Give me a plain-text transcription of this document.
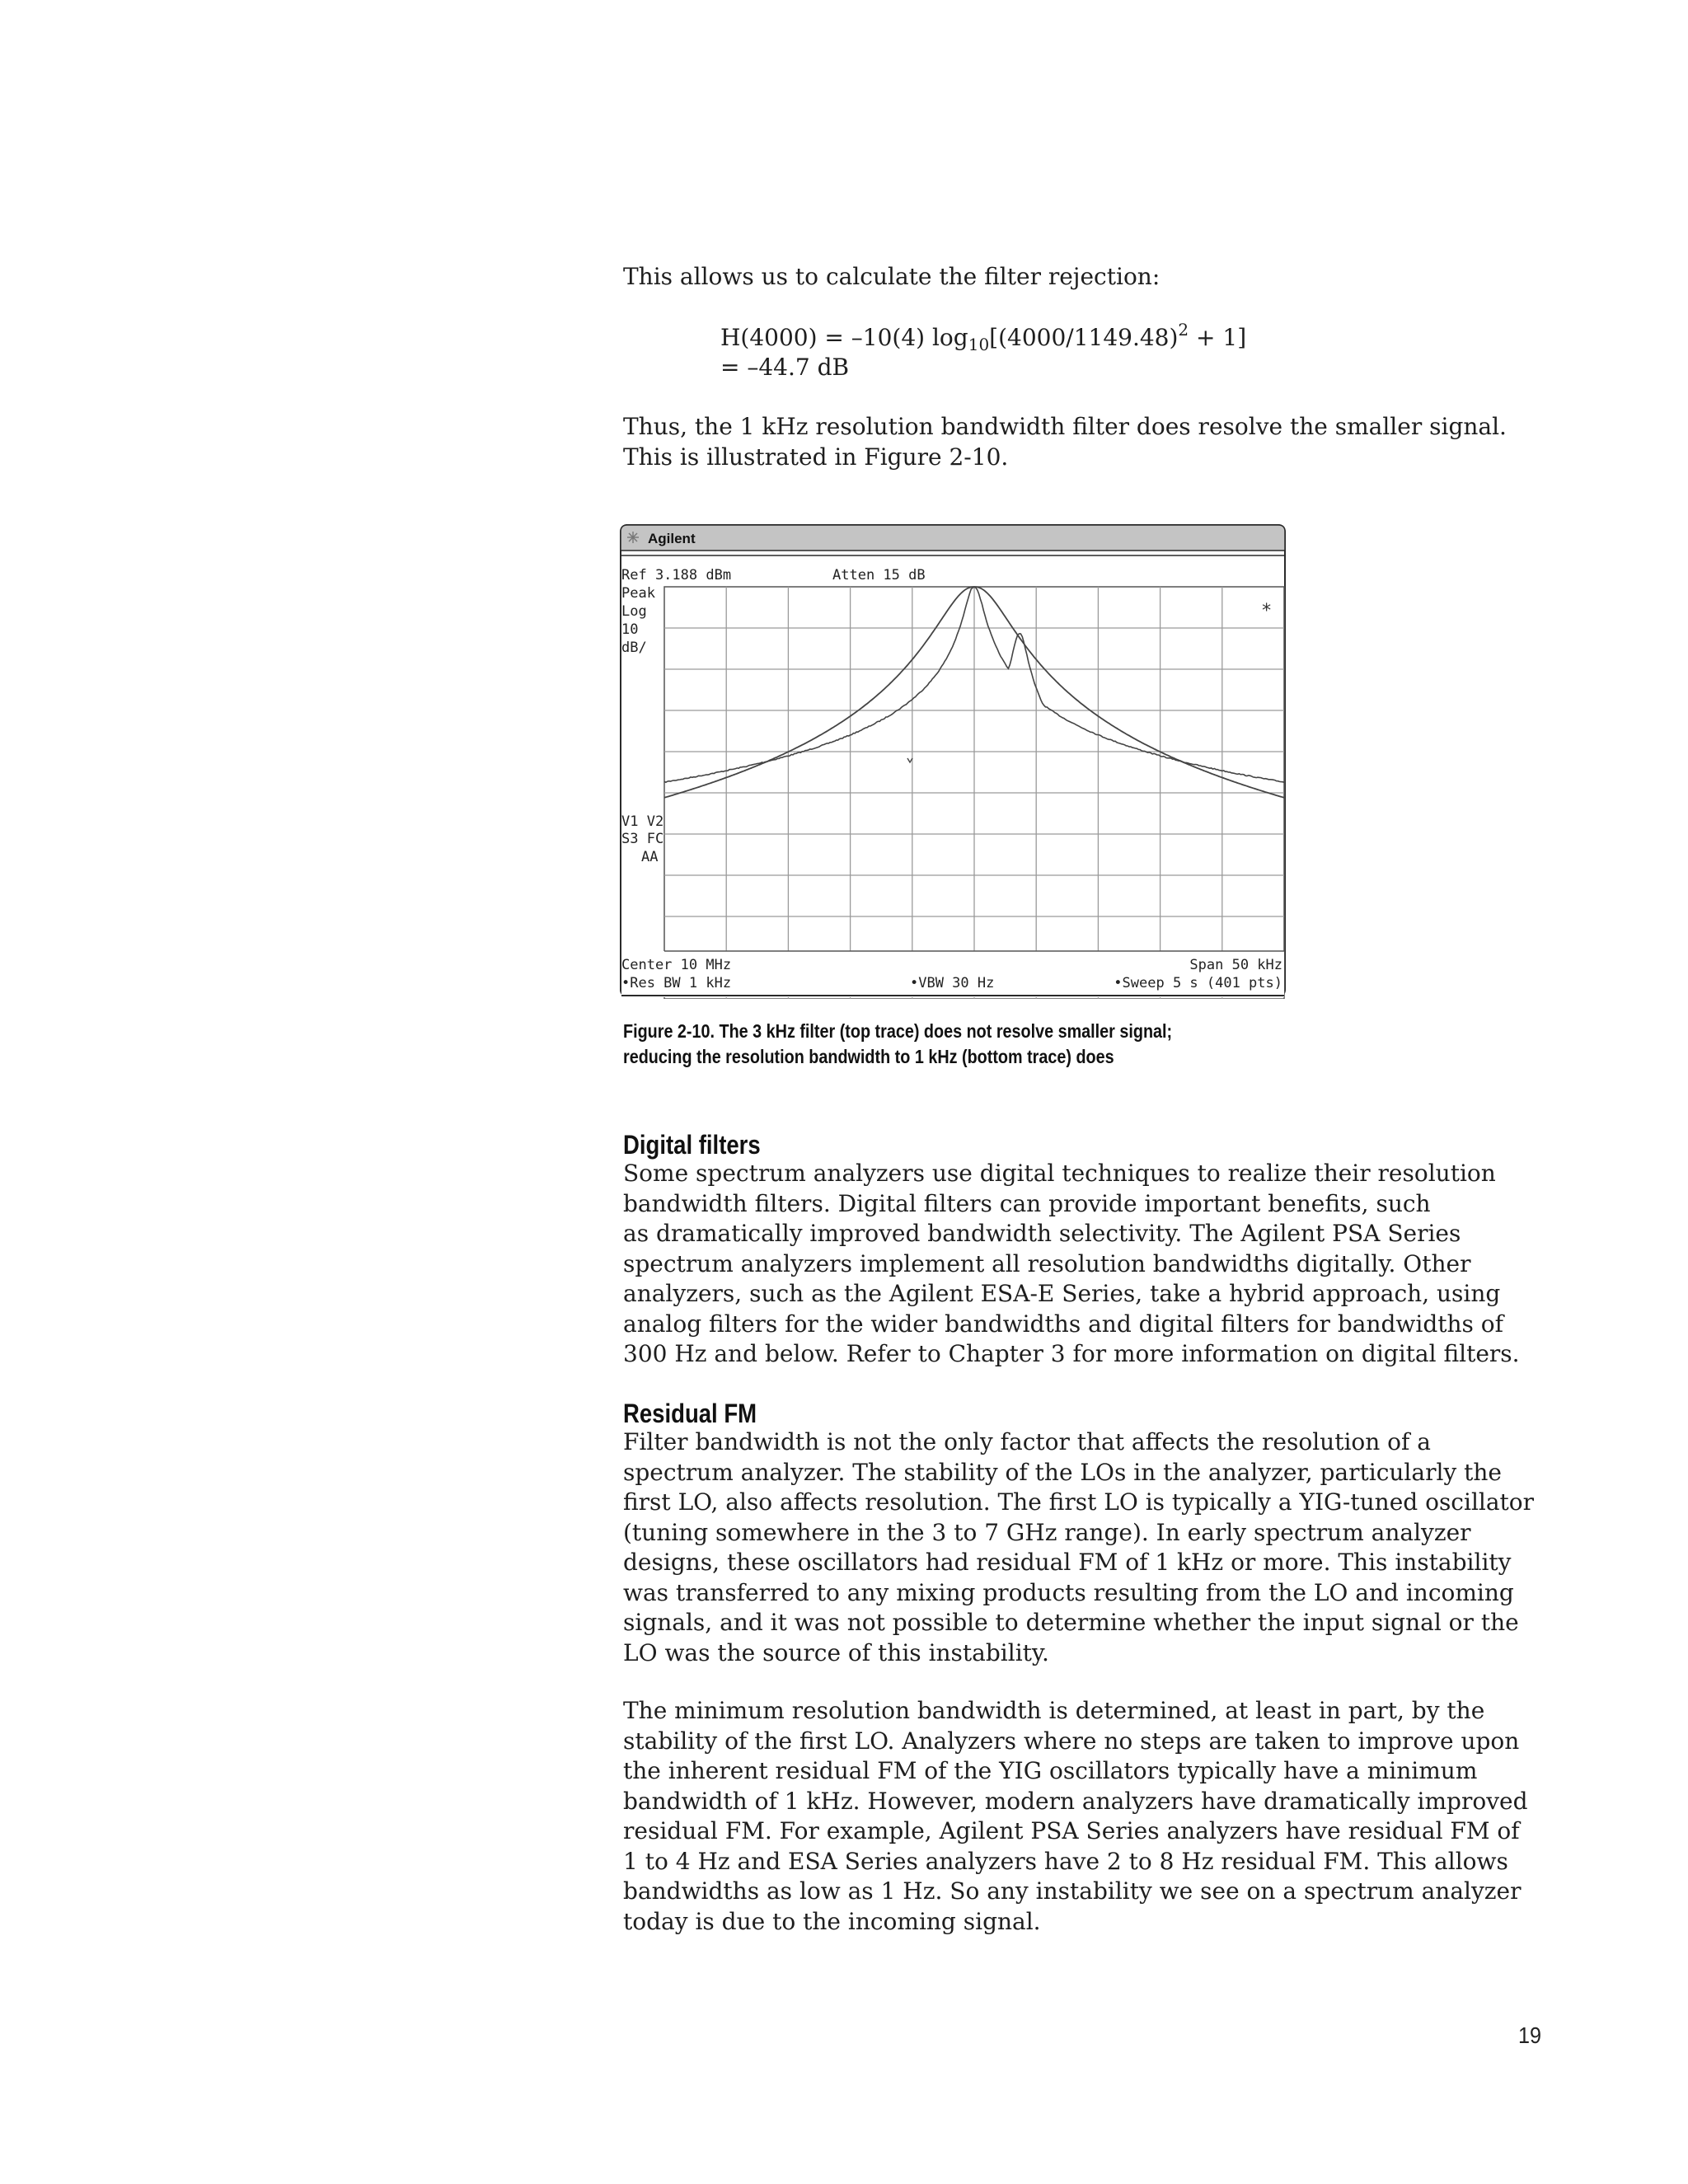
This allows us to calculate the filter rejection:

H(4000) = –10(4) $\log_{10}[(4000/1149.48)^2 + 1]$
= –44.7 dB

Thus, the 1 kHz resolution bandwidth filter does resolve the smaller signal.

This is illustrated in Figure 2-10.

Agilent
Ref 3.188 dBm	Atten 15 dB
Peak
Log
10
dB/
V1 V2
S3 FC
AA
*
Center 10 MHz	Span 50 kHz
•Res BW 1 kHz	•VBW 30 Hz	•Sweep 5 s (401 pts)
Figure 2-10. The 3 kHz filter (top trace) does not resolve smaller signal;
reducing the resolution bandwidth to 1 kHz (bottom trace) does
Digital filters

Some spectrum analyzers use digital techniques to realize their resolution

bandwidth filters. Digital filters can provide important benefits, such

as dramatically improved bandwidth selectivity. The Agilent PSA Series

spectrum analyzers implement all resolution bandwidths digitally. Other

analyzers, such as the Agilent ESA-E Series, take a hybrid approach, using

analog filters for the wider bandwidths and digital filters for bandwidths of

300 Hz and below. Refer to Chapter 3 for more information on digital filters.

Residual FM

Filter bandwidth is not the only factor that affects the resolution of a

spectrum analyzer. The stability of the LOs in the analyzer, particularly the

first LO, also affects resolution. The first LO is typically a YIG-tuned oscillator

(tuning somewhere in the 3 to 7 GHz range). In early spectrum analyzer

designs, these oscillators had residual FM of 1 kHz or more. This instability

was transferred to any mixing products resulting from the LO and incoming

signals, and it was not possible to determine whether the input signal or the

LO was the source of this instability.

The minimum resolution bandwidth is determined, at least in part, by the

stability of the first LO. Analyzers where no steps are taken to improve upon

the inherent residual FM of the YIG oscillators typically have a minimum

bandwidth of 1 kHz. However, modern analyzers have dramatically improved

residual FM. For example, Agilent PSA Series analyzers have residual FM of

1 to 4 Hz and ESA Series analyzers have 2 to 8 Hz residual FM. This allows

bandwidths as low as 1 Hz. So any instability we see on a spectrum analyzer

today is due to the incoming signal.

19
